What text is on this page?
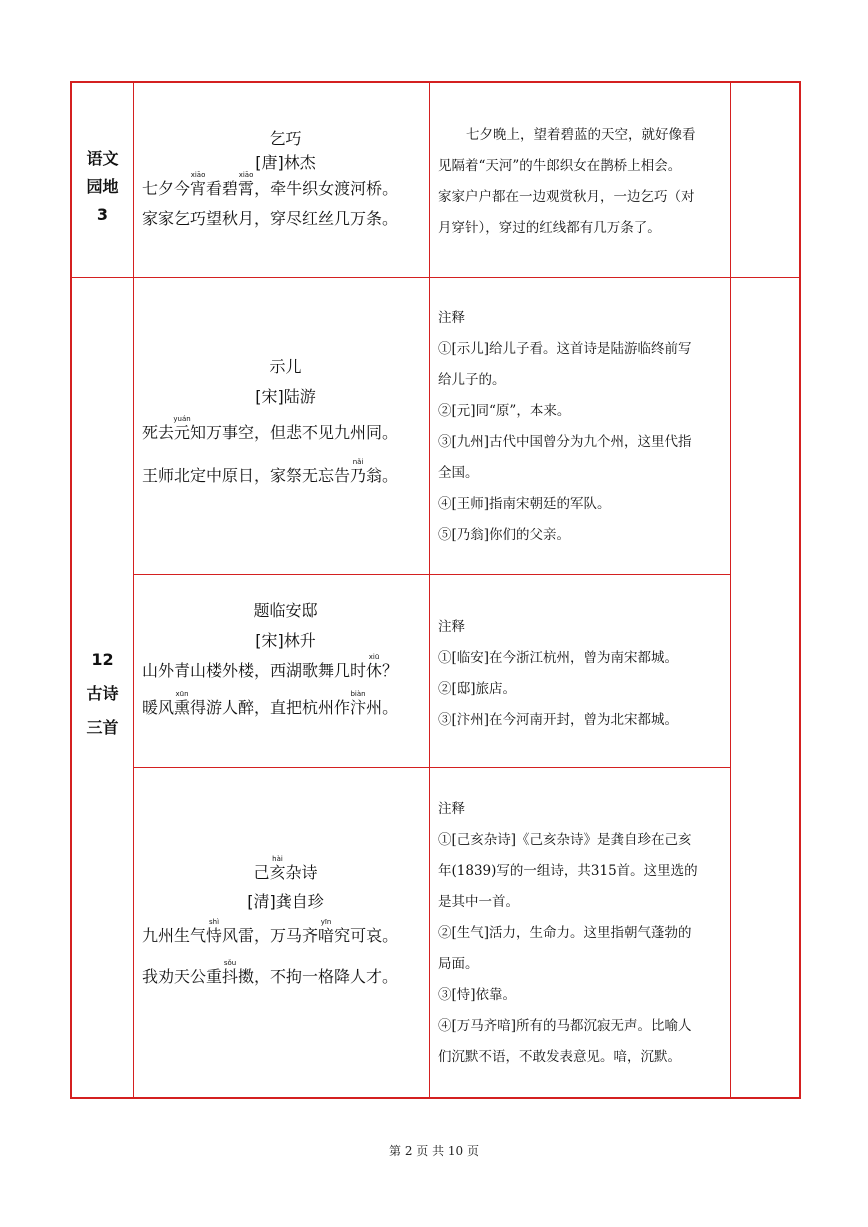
语文
园地
3
乞巧
[唐]林杰
七夕今宵xiāo看碧霄xiāo，牵牛织女渡河桥。
家家乞巧望秋月，穿尽红丝几万条。
七夕晚上，望着碧蓝的天空，就好像看
见隔着“天河”的牛郎织女在鹊桥上相会。
家家户户都在一边观赏秋月，一边乞巧（对
月穿针），穿过的红线都有几万条了。
12
古诗
三首
示儿
[宋]陆游
死去元yuán知万事空，但悲不见九州同。
王师北定中原日，家祭无忘告乃nǎi翁。

注释

①[示儿]给儿子看。这首诗是陆游临终前写

给儿子的。

②[元]同“原”，本来。

③[九州]古代中国曾分为九个州，这里代指

全国。

④[王师]指南宋朝廷的军队。

⑤[乃翁]你们的父亲。

题临安邸
[宋]林升
山外青山楼外楼，西湖歌舞几时休xiū？
暖风熏xūn得游人醉，直把杭州作汴biàn州。

注释

①[临安]在今浙江杭州，曾为南宋都城。

②[邸]旅店。

③[汴州]在今河南开封，曾为北宋都城。

己亥hài杂诗
[清]龚自珍
九州生气恃shì风雷，万马齐喑yīn究可哀。
我劝天公重抖sǒu擞，不拘一格降人才。

注释

①[己亥杂诗]《己亥杂诗》是龚自珍在己亥

年(1839)写的一组诗，共315首。这里选的

是其中一首。

②[生气]活力，生命力。这里指朝气蓬勃的

局面。

③[恃]依靠。

④[万马齐喑]所有的马都沉寂无声。比喻人

们沉默不语，不敢发表意见。喑，沉默。

第 2 页 共 10 页
